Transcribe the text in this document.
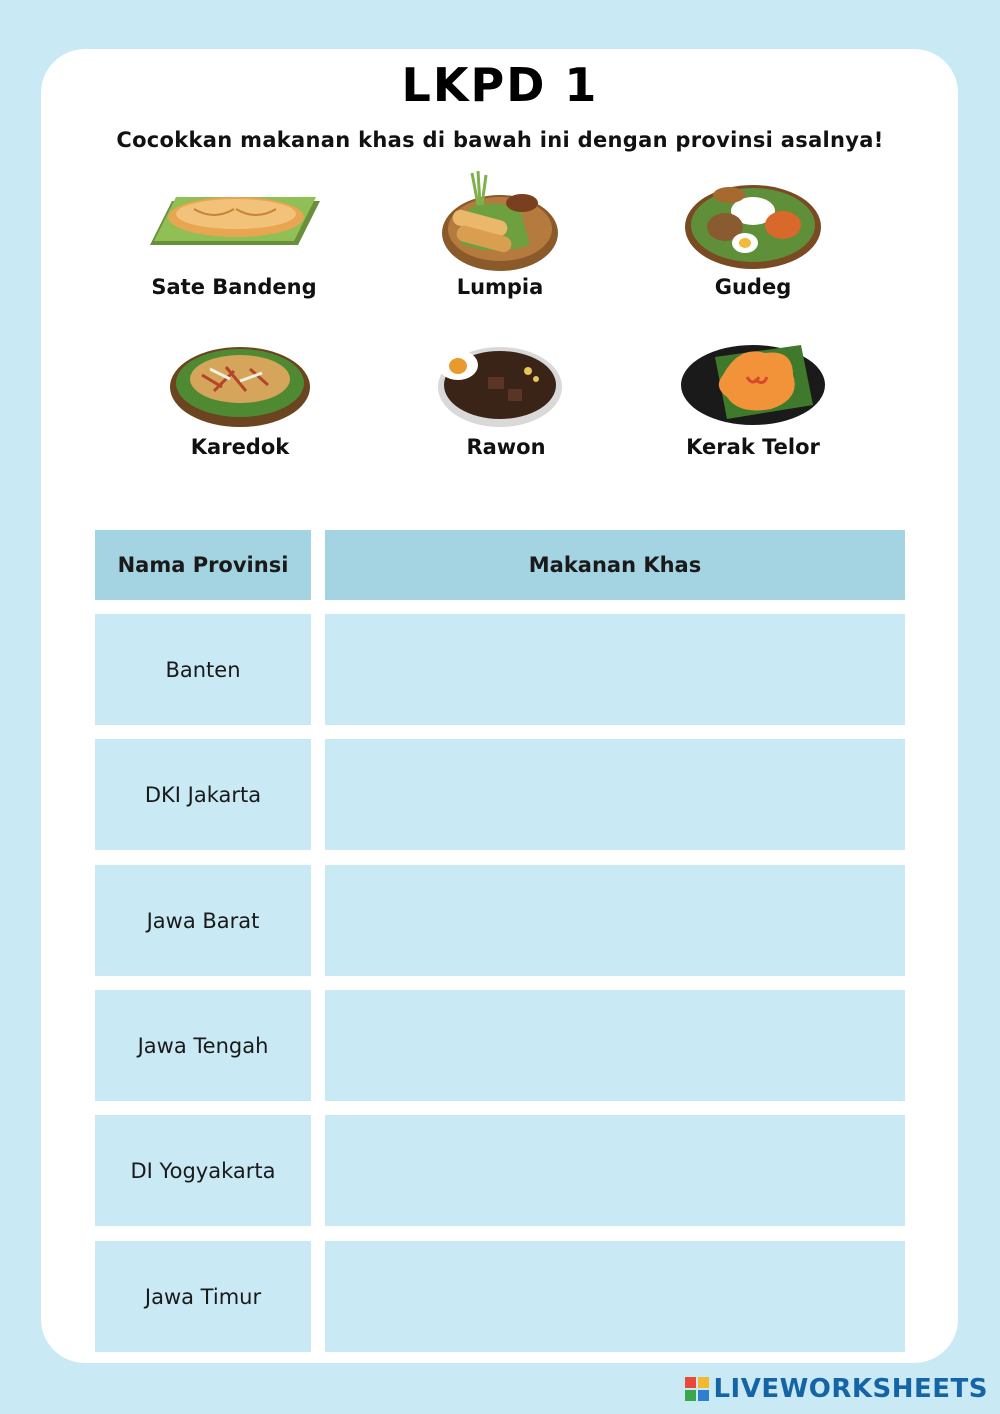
LKPD 1
Cocokkan makanan khas di bawah ini dengan provinsi asalnya!
Sate Bandeng	Lumpia	Gudeg
Karedok	Rawon	Kerak Telor
Nama Provinsi	Makanan Khas
Banten
DKI Jakarta
Jawa Barat
Jawa Tengah
DI Yogyakarta
Jawa Timur
LIVEWORKSHEETS
